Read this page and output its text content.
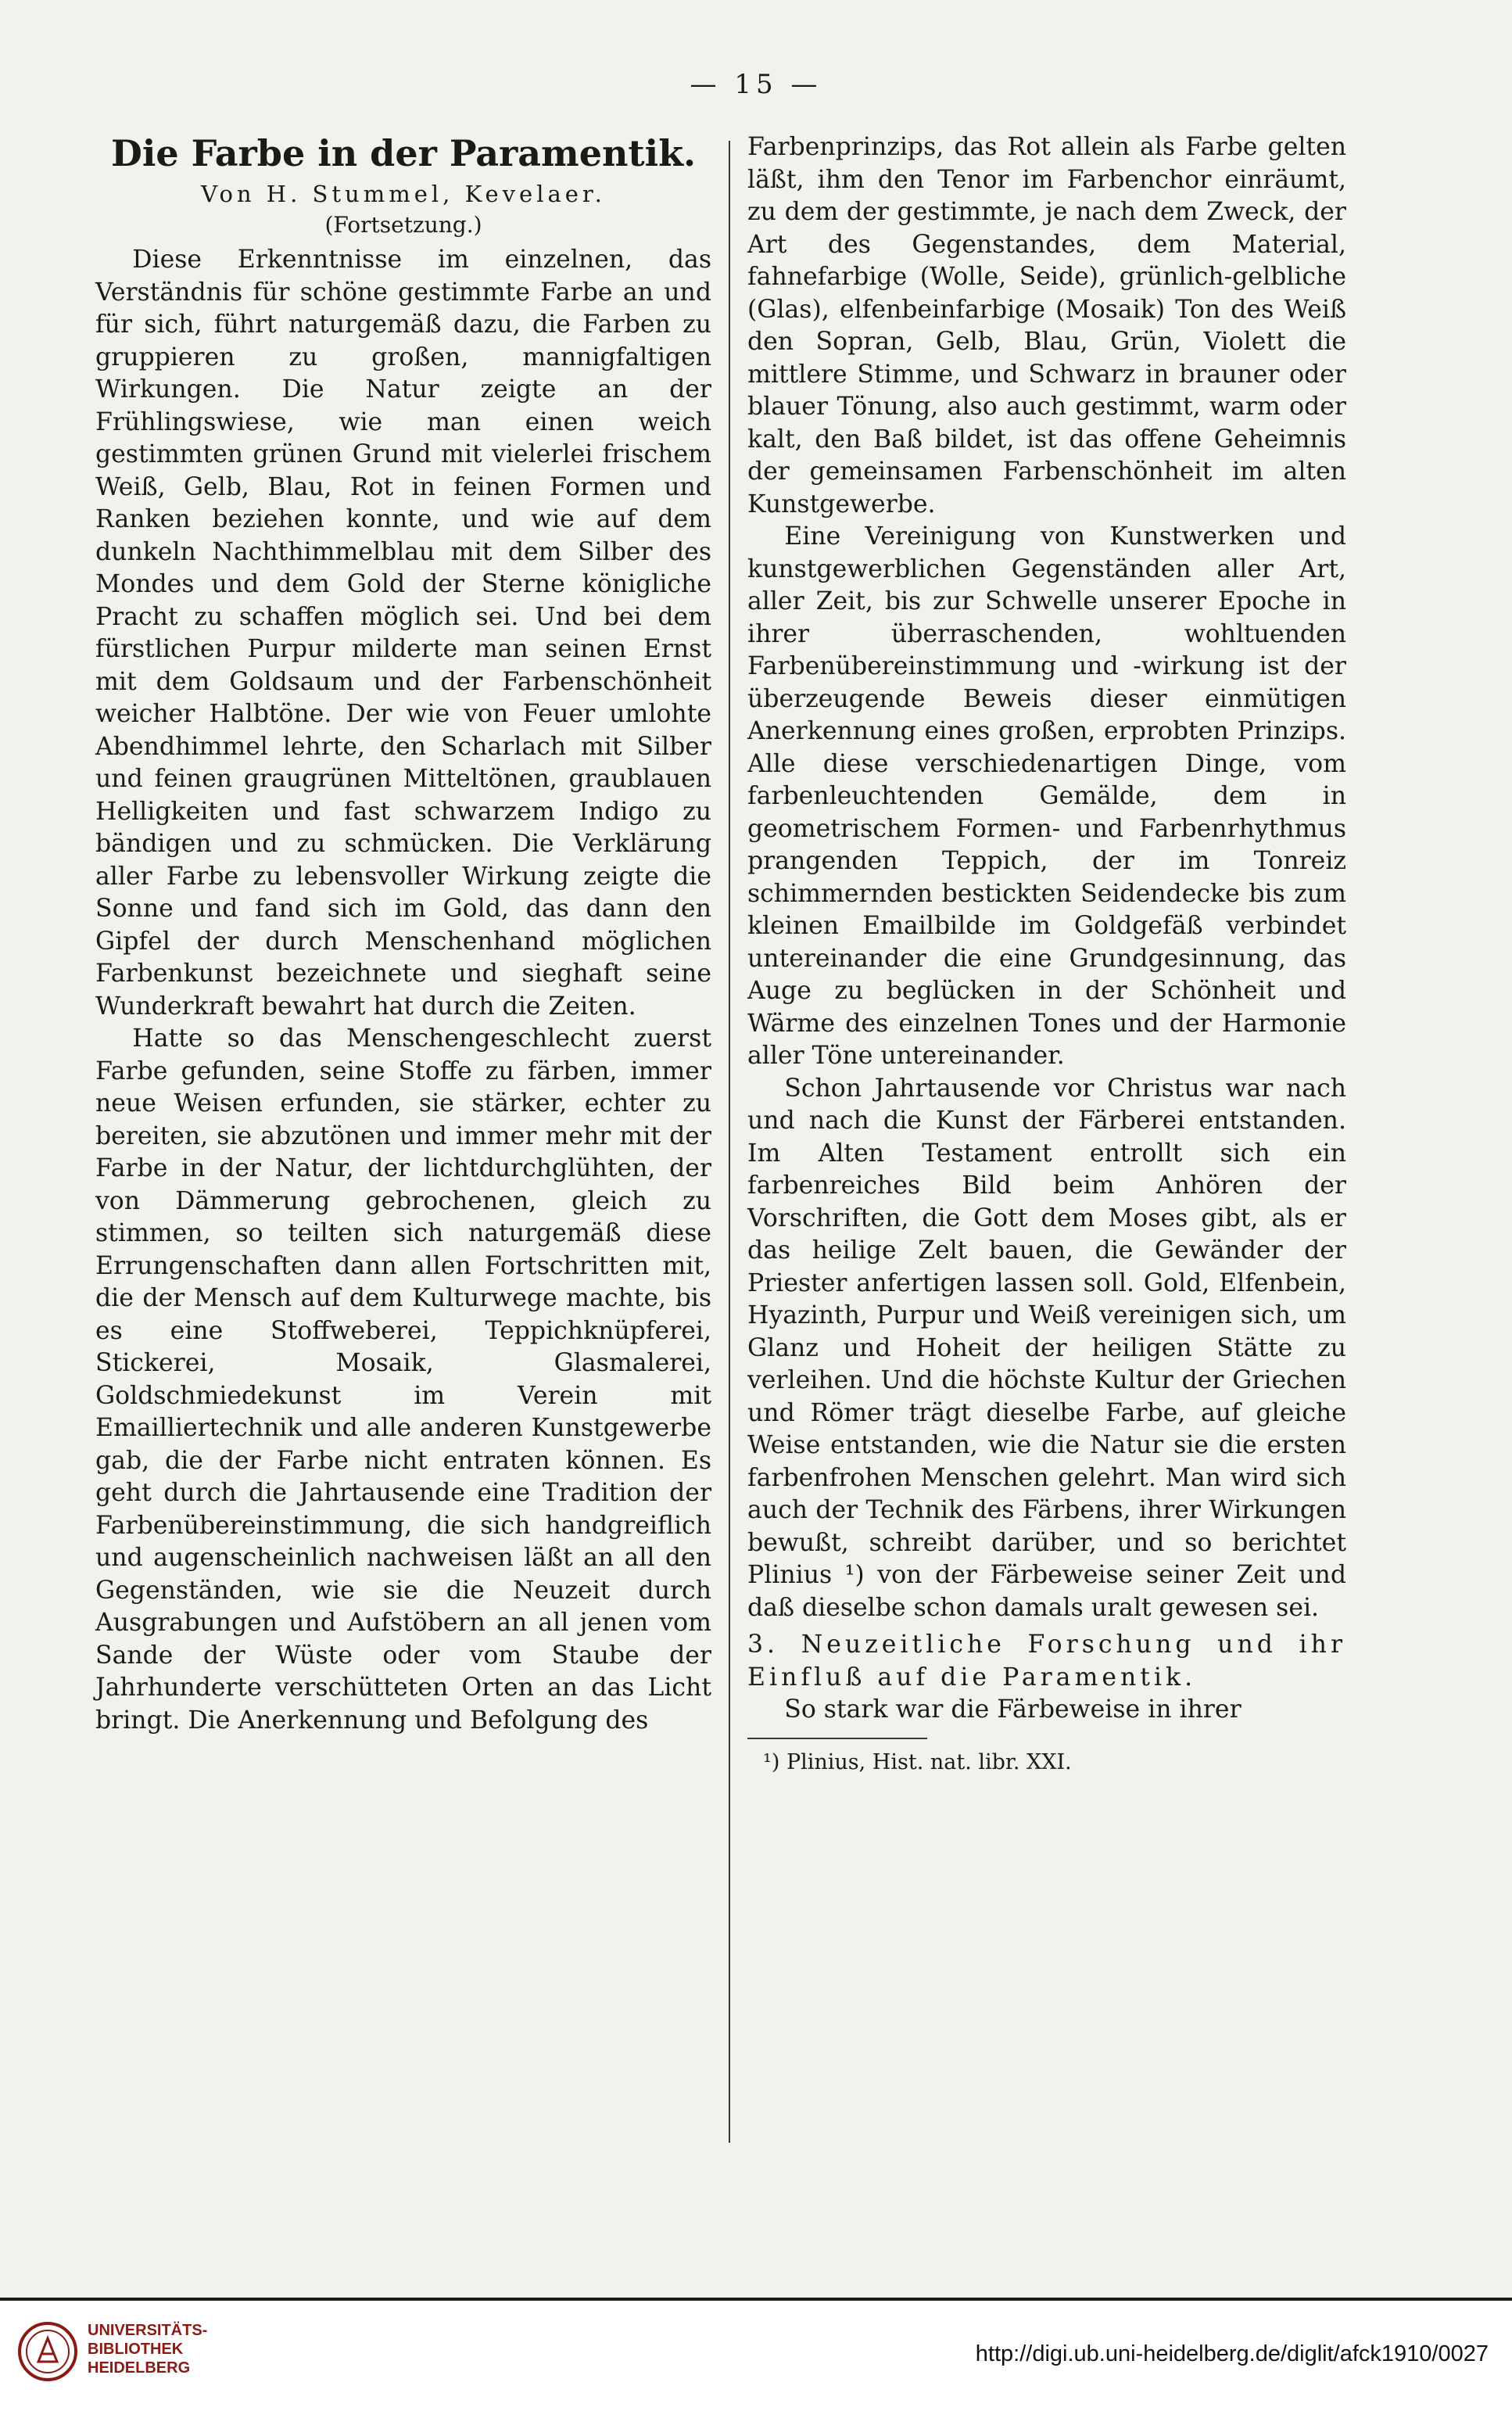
— 15 —
Die Farbe in der Paramentik.

Von H. Stummel, Kevelaer.

(Fortsetzung.)

Diese Erkenntnisse im einzelnen, das Verständnis für schöne gestimmte Farbe an und für sich, führt naturgemäß dazu, die Farben zu gruppieren zu großen, mannigfaltigen Wirkungen. Die Natur zeigte an der Frühlingswiese, wie man einen weich gestimmten grünen Grund mit vielerlei frischem Weiß, Gelb, Blau, Rot in feinen Formen und Ranken beziehen konnte, und wie auf dem dunkeln Nachthimmelblau mit dem Silber des Mondes und dem Gold der Sterne königliche Pracht zu schaffen möglich sei. Und bei dem fürstlichen Purpur milderte man seinen Ernst mit dem Goldsaum und der Farbenschönheit weicher Halbtöne. Der wie von Feuer umlohte Abendhimmel lehrte, den Scharlach mit Silber und feinen graugrünen Mitteltönen, graublauen Helligkeiten und fast schwarzem Indigo zu bändigen und zu schmücken. Die Verklärung aller Farbe zu lebensvoller Wirkung zeigte die Sonne und fand sich im Gold, das dann den Gipfel der durch Menschenhand möglichen Farbenkunst bezeichnete und sieghaft seine Wunderkraft bewahrt hat durch die Zeiten.

Hatte so das Menschengeschlecht zuerst Farbe gefunden, seine Stoffe zu färben, immer neue Weisen erfunden, sie stärker, echter zu bereiten, sie abzutönen und immer mehr mit der Farbe in der Natur, der lichtdurchglühten, der von Dämmerung gebrochenen, gleich zu stimmen, so teilten sich naturgemäß diese Errungenschaften dann allen Fortschritten mit, die der Mensch auf dem Kulturwege machte, bis es eine Stoffweberei, Teppichknüpferei, Stickerei, Mosaik, Glasmalerei, Goldschmiedekunst im Verein mit Emailliertechnik und alle anderen Kunstgewerbe gab, die der Farbe nicht entraten können. Es geht durch die Jahrtausende eine Tradition der Farbenübereinstimmung, die sich handgreiflich und augenscheinlich nachweisen läßt an all den Gegenständen, wie sie die Neuzeit durch Ausgrabungen und Aufstöbern an all jenen vom Sande der Wüste oder vom Staube der Jahrhunderte verschütteten Orten an das Licht bringt. Die Anerkennung und Befolgung des

Farbenprinzips, das Rot allein als Farbe gelten läßt, ihm den Tenor im Farbenchor einräumt, zu dem der gestimmte, je nach dem Zweck, der Art des Gegenstandes, dem Material, fahnefarbige (Wolle, Seide), grünlich-gelbliche (Glas), elfenbeinfarbige (Mosaik) Ton des Weiß den Sopran, Gelb, Blau, Grün, Violett die mittlere Stimme, und Schwarz in brauner oder blauer Tönung, also auch gestimmt, warm oder kalt, den Baß bildet, ist das offene Geheimnis der gemeinsamen Farbenschönheit im alten Kunstgewerbe.

Eine Vereinigung von Kunstwerken und kunstgewerblichen Gegenständen aller Art, aller Zeit, bis zur Schwelle unserer Epoche in ihrer überraschenden, wohltuenden Farbenübereinstimmung und -wirkung ist der überzeugende Beweis dieser einmütigen Anerkennung eines großen, erprobten Prinzips. Alle diese verschiedenartigen Dinge, vom farbenleuchtenden Gemälde, dem in geometrischem Formen- und Farbenrhythmus prangenden Teppich, der im Tonreiz schimmernden bestickten Seidendecke bis zum kleinen Emailbilde im Goldgefäß verbindet untereinander die eine Grundgesinnung, das Auge zu beglücken in der Schönheit und Wärme des einzelnen Tones und der Harmonie aller Töne untereinander.

Schon Jahrtausende vor Christus war nach und nach die Kunst der Färberei entstanden. Im Alten Testament entrollt sich ein farbenreiches Bild beim Anhören der Vorschriften, die Gott dem Moses gibt, als er das heilige Zelt bauen, die Gewänder der Priester anfertigen lassen soll. Gold, Elfenbein, Hyazinth, Purpur und Weiß vereinigen sich, um Glanz und Hoheit der heiligen Stätte zu verleihen. Und die höchste Kultur der Griechen und Römer trägt dieselbe Farbe, auf gleiche Weise entstanden, wie die Natur sie die ersten farbenfrohen Menschen gelehrt. Man wird sich auch der Technik des Färbens, ihrer Wirkungen bewußt, schreibt darüber, und so berichtet Plinius ¹) von der Färbeweise seiner Zeit und daß dieselbe schon damals uralt gewesen sei.

3. Neuzeitliche Forschung und ihr Einfluß auf die Paramentik.

So stark war die Färbeweise in ihrer

¹) Plinius, Hist. nat. libr. XXI.

UNIVERSITÄTS-
BIBLIOTHEK
HEIDELBERG
http://digi.ub.uni-heidelberg.de/diglit/afck1910/0027
